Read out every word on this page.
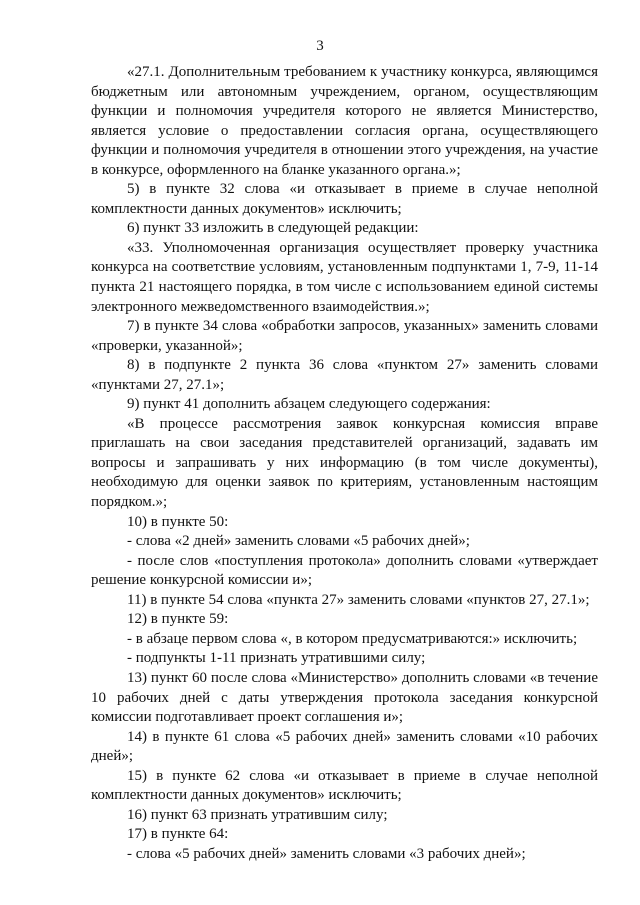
3

«27.1. Дополнительным требованием к участнику конкурса, являющимся бюджетным или автономным учреждением, органом, осуществляющим функции и полномочия учредителя которого не является Министерство, является условие о предоставлении согласия органа, осуществляющего функции и полномочия учредителя в отношении этого учреждения, на участие в конкурсе, оформленного на бланке указанного органа.»;

5) в пункте 32 слова «и отказывает в приеме в случае неполной комплектности данных документов» исключить;

6) пункт 33 изложить в следующей редакции:

«33. Уполномоченная организация осуществляет проверку участника конкурса на соответствие условиям, установленным подпунктами 1, 7-9, 11-14 пункта 21 настоящего порядка, в том числе с использованием единой системы электронного межведомственного взаимодействия.»;

7) в пункте 34 слова «обработки запросов, указанных» заменить словами «проверки, указанной»;

8) в подпункте 2 пункта 36 слова «пунктом 27» заменить словами «пунктами 27, 27.1»;

9) пункт 41 дополнить абзацем следующего содержания:

«В процессе рассмотрения заявок конкурсная комиссия вправе приглашать на свои заседания представителей организаций, задавать им вопросы и запрашивать у них информацию (в том числе документы), необходимую для оценки заявок по критериям, установленным настоящим порядком.»;

10) в пункте 50:

- слова «2 дней» заменить словами «5 рабочих дней»;

- после слов «поступления протокола» дополнить словами «утверждает решение конкурсной комиссии и»;

11) в пункте 54 слова «пункта 27» заменить словами «пунктов 27, 27.1»;

12) в пункте 59:

- в абзаце первом слова «, в котором предусматриваются:» исключить;

- подпункты 1-11 признать утратившими силу;

13) пункт 60 после слова «Министерство» дополнить словами «в течение 10 рабочих дней с даты утверждения протокола заседания конкурсной комиссии подготавливает проект соглашения и»;

14) в пункте 61 слова «5 рабочих дней» заменить словами «10 рабочих дней»;

15) в пункте 62 слова «и отказывает в приеме в случае неполной комплектности данных документов» исключить;

16) пункт 63 признать утратившим силу;

17) в пункте 64:

- слова «5 рабочих дней» заменить словами «3 рабочих дней»;
